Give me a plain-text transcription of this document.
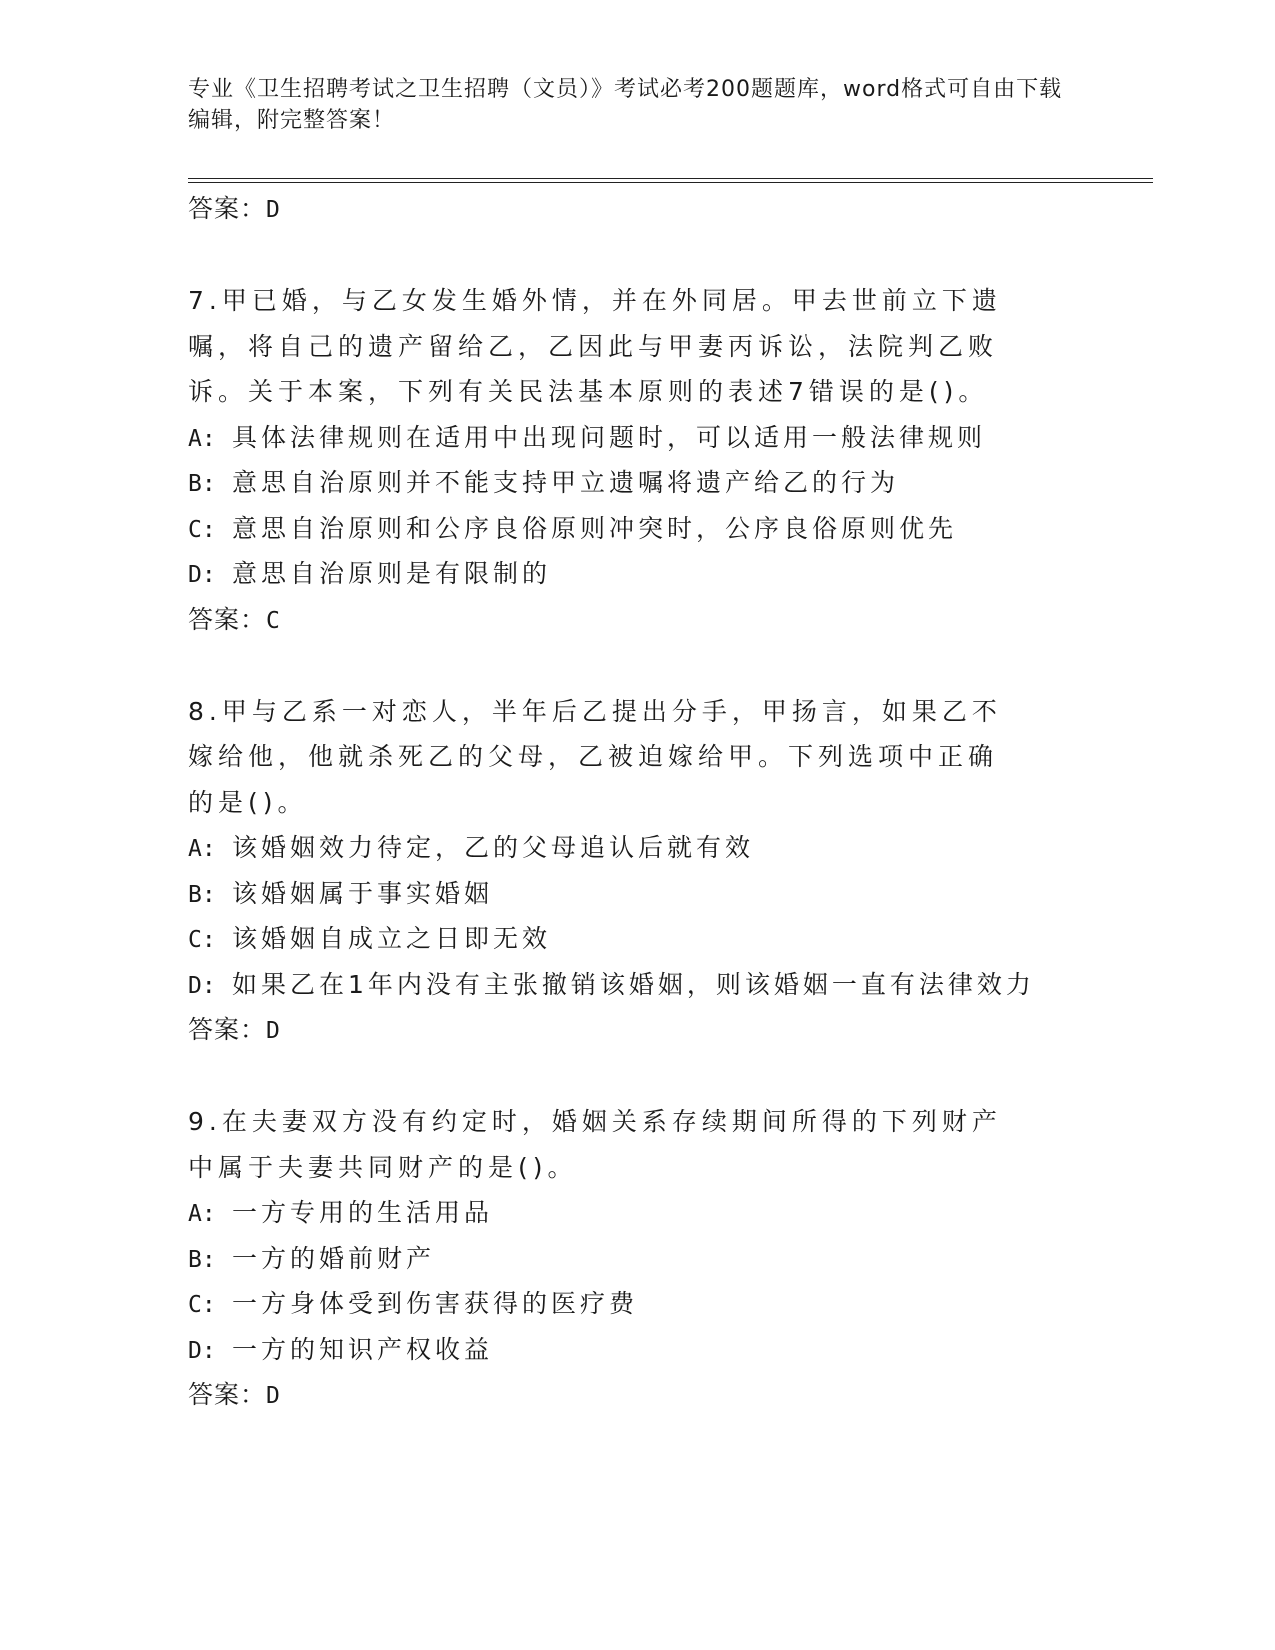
专业《卫生招聘考试之卫生招聘（文员）》考试必考200题题库，word格式可自由下载编辑，附完整答案！
答案：D
7.甲已婚，与乙女发生婚外情，并在外同居。甲去世前立下遗嘱，将自己的遗产留给乙，乙因此与甲妻丙诉讼，法院判乙败诉。关于本案，下列有关民法基本原则的表述7错误的是()。
A: 具体法律规则在适用中出现问题时，可以适用一般法律规则
B: 意思自治原则并不能支持甲立遗嘱将遗产给乙的行为
C: 意思自治原则和公序良俗原则冲突时，公序良俗原则优先
D: 意思自治原则是有限制的
答案：C
8.甲与乙系一对恋人，半年后乙提出分手，甲扬言，如果乙不嫁给他，他就杀死乙的父母，乙被迫嫁给甲。下列选项中正确的是()。
A: 该婚姻效力待定，乙的父母追认后就有效
B: 该婚姻属于事实婚姻
C: 该婚姻自成立之日即无效
D: 如果乙在1年内没有主张撤销该婚姻，则该婚姻一直有法律效力
答案：D
9.在夫妻双方没有约定时，婚姻关系存续期间所得的下列财产中属于夫妻共同财产的是()。
A: 一方专用的生活用品
B: 一方的婚前财产
C: 一方身体受到伤害获得的医疗费
D: 一方的知识产权收益
答案：D
